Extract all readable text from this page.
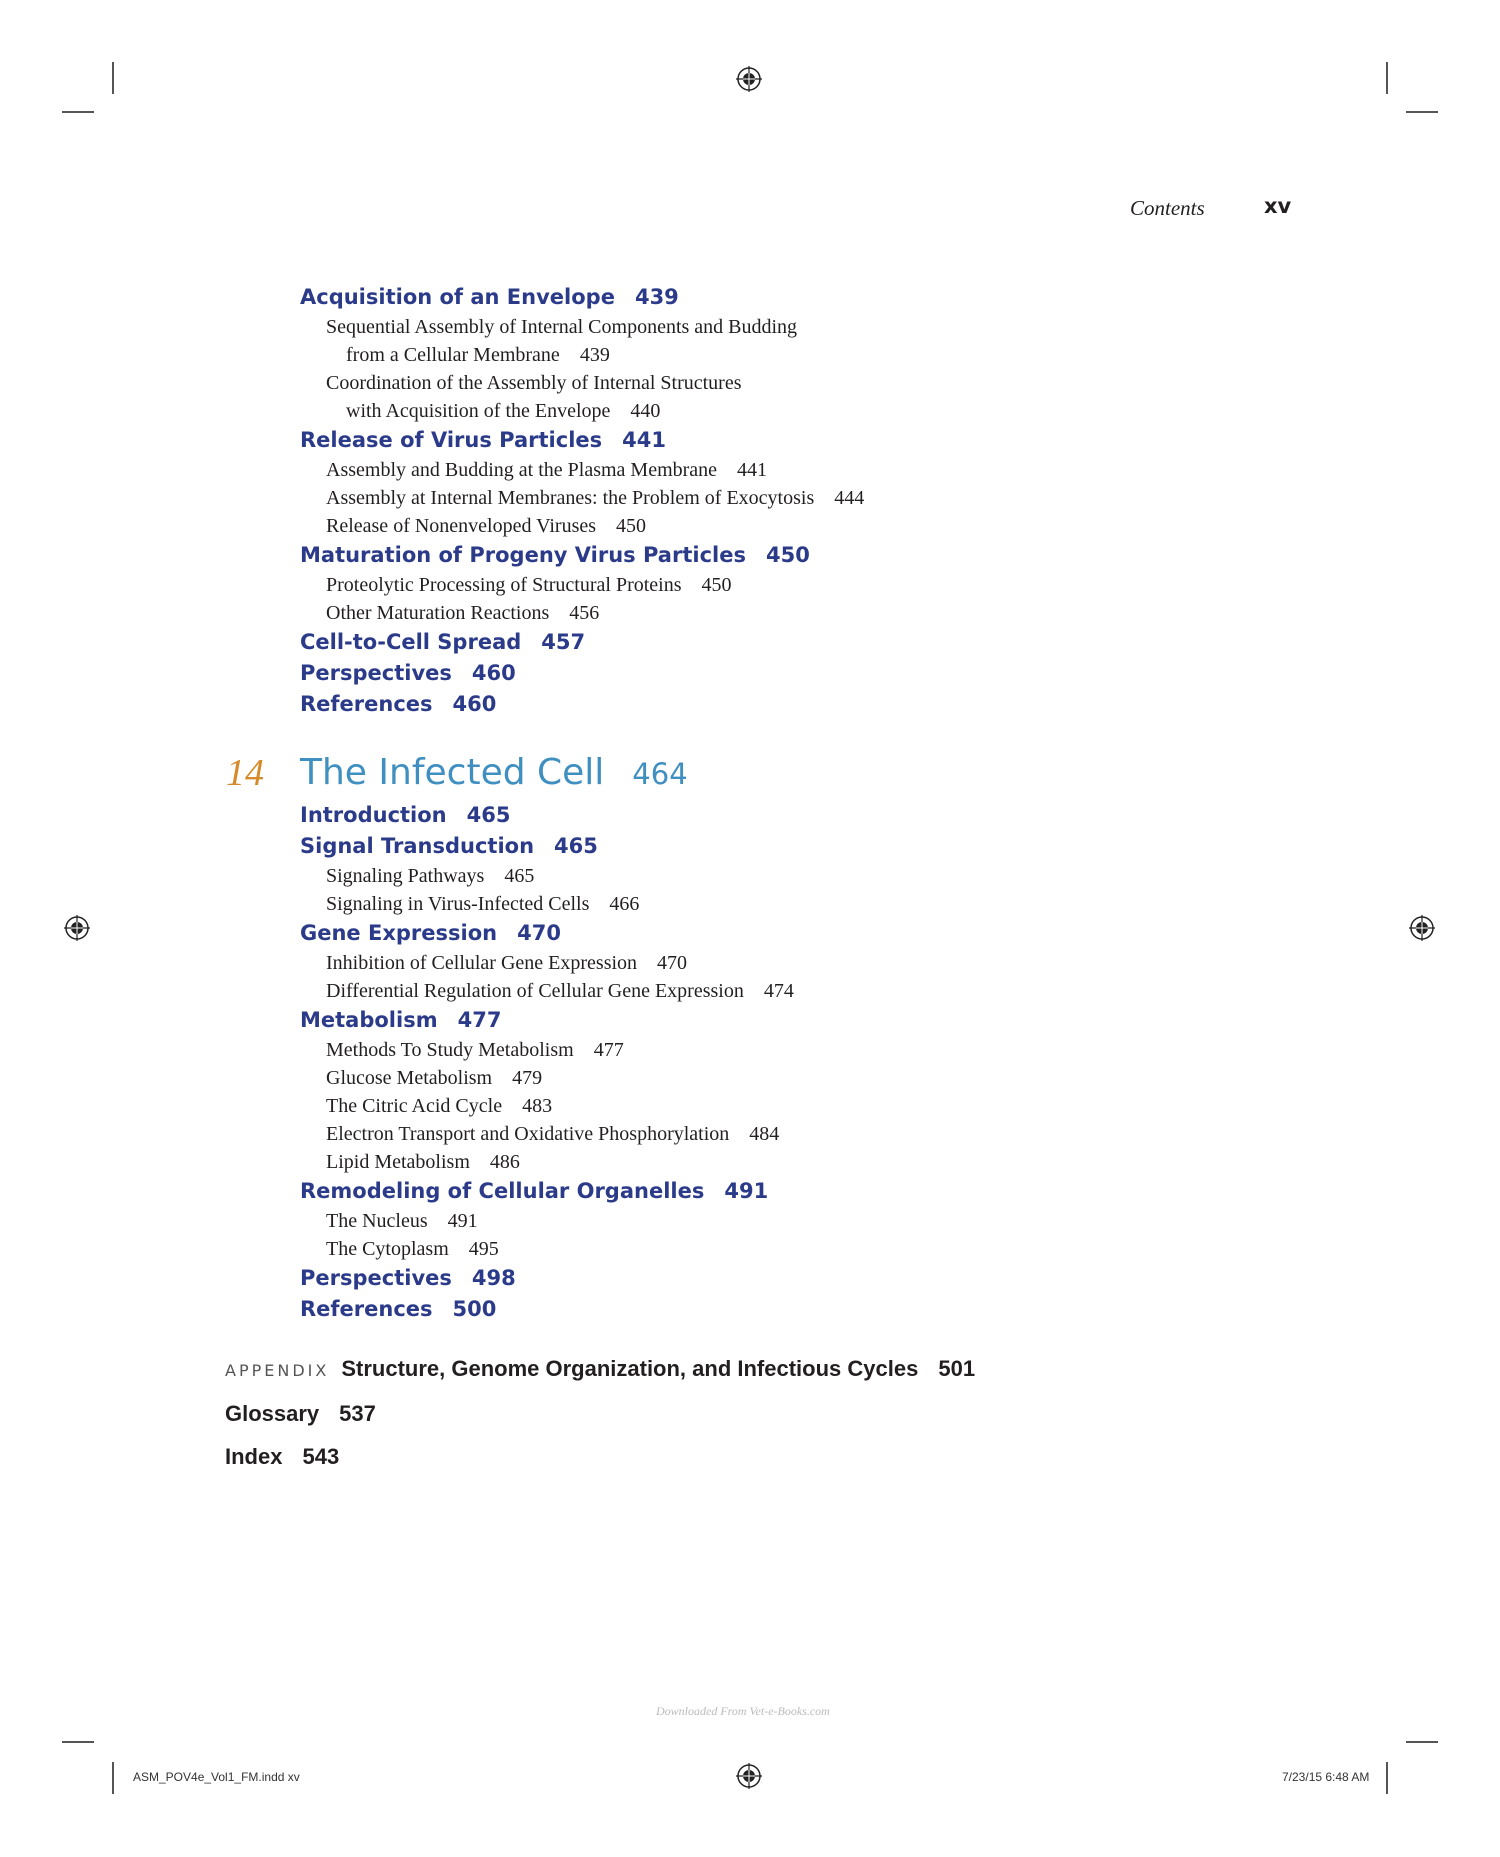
Contents	xv
Acquisition of an Envelope 439
Sequential Assembly of Internal Components and Budding
from a Cellular Membrane 439
Coordination of the Assembly of Internal Structures
with Acquisition of the Envelope 440
Release of Virus Particles 441
Assembly and Budding at the Plasma Membrane 441
Assembly at Internal Membranes: the Problem of Exocytosis 444
Release of Nonenveloped Viruses 450
Maturation of Progeny Virus Particles 450
Proteolytic Processing of Structural Proteins 450
Other Maturation Reactions 456
Cell-to-Cell Spread 457
Perspectives 460
References 460
14 The Infected Cell 464
Introduction 465
Signal Transduction 465
Signaling Pathways 465
Signaling in Virus-Infected Cells 466
Gene Expression 470
Inhibition of Cellular Gene Expression 470
Differential Regulation of Cellular Gene Expression 474
Metabolism 477
Methods To Study Metabolism 477
Glucose Metabolism 479
The Citric Acid Cycle 483
Electron Transport and Oxidative Phosphorylation 484
Lipid Metabolism 486
Remodeling of Cellular Organelles 491
The Nucleus 491
The Cytoplasm 495
Perspectives 498
References 500
APPENDIX Structure, Genome Organization, and Infectious Cycles 501
Glossary 537
Index 543
Downloaded From Vet-e-Books.com
ASM_POV4e_Vol1_FM.indd xv	7/23/15 6:48 AM
